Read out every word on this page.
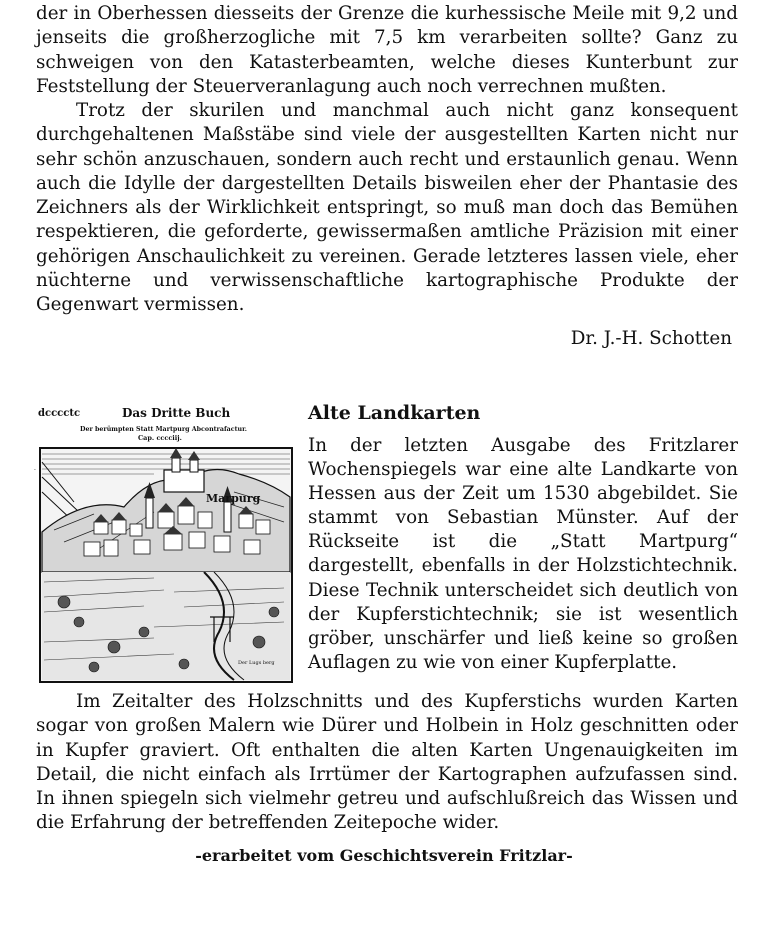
der in Oberhessen diesseits der Grenze die kurhessische Meile mit 9,2 und jenseits die großherzogliche mit 7,5 km verarbeiten sollte? Ganz zu schweigen von den Katasterbeamten, welche dieses Kunterbunt zur Feststellung der Steuerveranlagung auch noch verrechnen mußten.

Trotz der skurilen und manchmal auch nicht ganz konsequent durchgehaltenen Maßstäbe sind viele der ausgestellten Karten nicht nur sehr schön anzuschauen, sondern auch recht und erstaunlich genau. Wenn auch die Idylle der dargestellten Details bisweilen eher der Phantasie des Zeichners als der Wirklichkeit entspringt, so muß man doch das Bemühen respektieren, die geforderte, gewissermaßen amtliche Präzision mit einer gehörigen Anschaulichkeit zu vereinen. Gerade letzteres lassen viele, eher nüchterne und verwissenschaftliche kartographische Produkte der Gegenwart vermissen.

Dr. J.-H. Schotten

dcccctc	Das Dritte Buch
Der berümpten Statt Martpurg Abcontrafactur.
Cap. cccciij.
Marpurg
Der Lugs berg
·
Alte Landkarten

In der letzten Ausgabe des Fritzlarer Wochenspiegels war eine alte Landkarte von Hessen aus der Zeit um 1530 abgebildet. Sie stammt von Sebastian Münster. Auf der Rückseite ist die „Statt Martpurg“ dargestellt, ebenfalls in der Holzstichtechnik. Diese Technik unterscheidet sich deutlich von der Kupferstichtechnik; sie ist wesentlich gröber, unschärfer und ließ keine so großen Auflagen zu wie von einer Kupferplatte.

Im Zeitalter des Holzschnitts und des Kupferstichs wurden Karten sogar von großen Malern wie Dürer und Holbein in Holz geschnitten oder in Kupfer graviert. Oft enthalten die alten Karten Ungenauigkeiten im Detail, die nicht einfach als Irrtümer der Kartographen aufzufassen sind. In ihnen spiegeln sich vielmehr getreu und aufschlußreich das Wissen und die Erfahrung der betreffenden Zeitepoche wider.

-erarbeitet vom Geschichtsverein Fritzlar-
